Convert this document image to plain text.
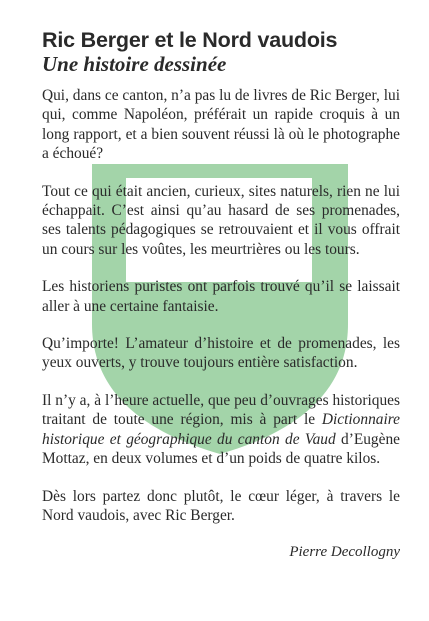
Ric Berger et le Nord vaudois
Une histoire dessinée

Qui, dans ce canton, n’a pas lu de livres de Ric Berger, lui qui, comme Napoléon, préférait un rapide croquis à un long rapport, et a bien souvent réussi là où le photographe a échoué?

Tout ce qui était ancien, curieux, sites naturels, rien ne lui échappait. C’est ainsi qu’au hasard de ses promenades, ses talents pédagogiques se retrouvaient et il vous offrait un cours sur les voûtes, les meurtrières ou les tours.

Les historiens puristes ont parfois trouvé qu’il se laissait aller à une certaine fantaisie.

Qu’importe! L’amateur d’histoire et de promenades, les yeux ouverts, y trouve toujours entière satisfaction.

Il n’y a, à l’heure actuelle, que peu d’ouvrages historiques traitant de toute une région, mis à part le Dictionnaire historique et géographique du canton de Vaud d’Eugène Mottaz, en deux volumes et d’un poids de quatre kilos.

Dès lors partez donc plutôt, le cœur léger, à travers le Nord vaudois, avec Ric Berger.

Pierre Decollogny
